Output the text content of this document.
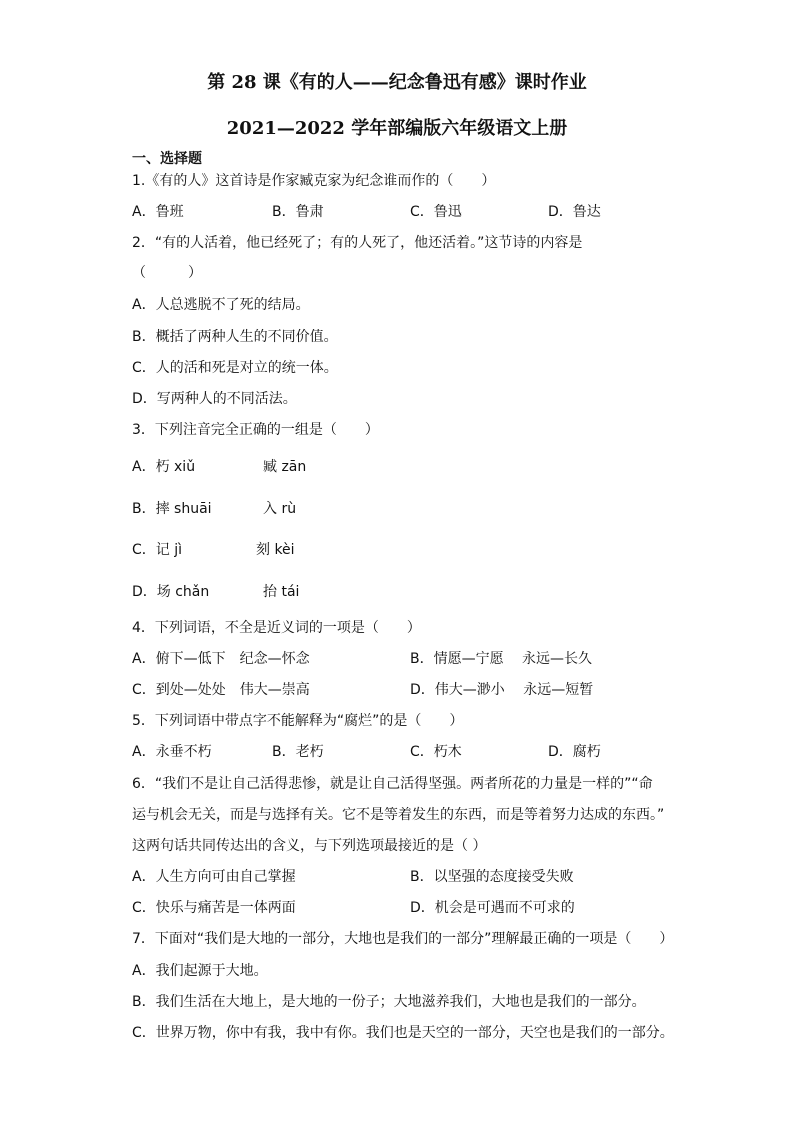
第 28 课《有的人——纪念鲁迅有感》课时作业
2021—2022 学年部编版六年级语文上册
一、选择题
1.《有的人》这首诗是作家臧克家为纪念谁而作的（　　）
A．鲁班	B．鲁肃	C．鲁迅	D．鲁达
2．“有的人活着，他已经死了；有的人死了，他还活着。”这节诗的内容是
（　　　）
A．人总逃脱不了死的结局。
B．概括了两种人生的不同价值。
C．人的活和死是对立的统一体。
D．写两种人的不同活法。
3．下列注音完全正确的一组是（　　）
A．朽 xiǔ	臧 zān
B．摔 shuāi	入 rù
C．记 jì	刻 kèi
D．场 chǎn	抬 tái
4．下列词语，不全是近义词的一项是（　　）
A．俯下—低下　纪念—怀念	B．情愿—宁愿　 永远—长久
C．到处—处处　伟大—崇高	D．伟大—渺小　 永远—短暂
5．下列词语中带点字不能解释为“腐烂”的是（　　）
A．永垂不朽	B．老朽	C．朽木	D．腐朽
6．“我们不是让自己活得悲惨，就是让自己活得坚强。两者所花的力量是一样的”“命
运与机会无关，而是与选择有关。它不是等着发生的东西，而是等着努力达成的东西。”
这两句话共同传达出的含义，与下列选项最接近的是（ ）
A．人生方向可由自己掌握	B．以坚强的态度接受失败
C．快乐与痛苦是一体两面	D．机会是可遇而不可求的
7．下面对“我们是大地的一部分，大地也是我们的一部分”理解最正确的一项是（　　）
A．我们起源于大地。
B．我们生活在大地上，是大地的一份子；大地滋养我们，大地也是我们的一部分。
C．世界万物，你中有我，我中有你。我们也是天空的一部分，天空也是我们的一部分。
